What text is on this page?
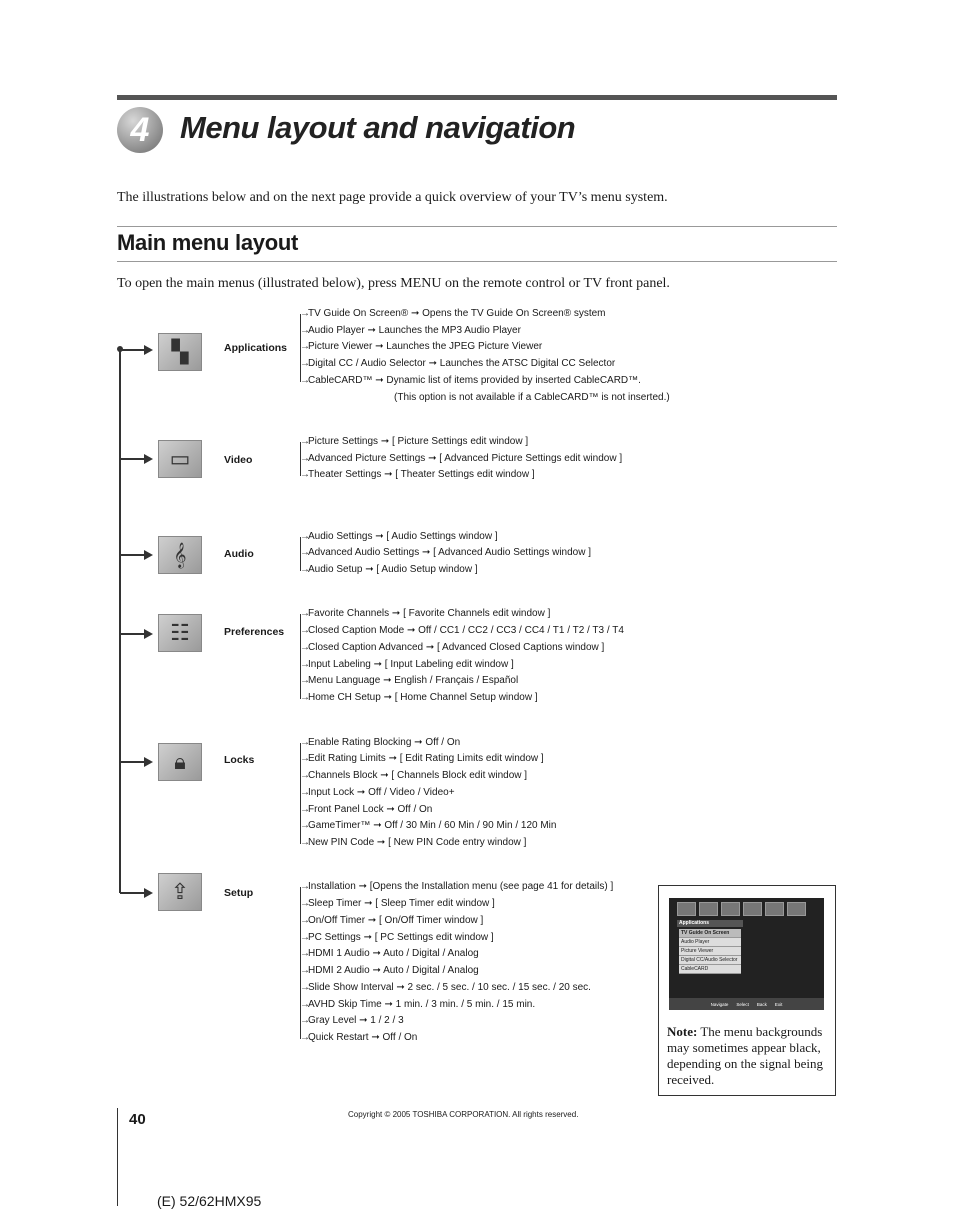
4 Menu layout and navigation
The illustrations below and on the next page provide a quick overview of your TV’s menu system.
Main menu layout
To open the main menus (illustrated below), press MENU on the remote control or TV front panel.
▚	Applications
→TV Guide On Screen® ➞ Opens the TV Guide On Screen® system
→Audio Player ➞ Launches the MP3 Audio Player
→Picture Viewer ➞ Launches the JPEG Picture Viewer
→Digital CC / Audio Selector ➞ Launches the ATSC Digital CC Selector
→CableCARD™ ➞ Dynamic list of items provided by inserted CableCARD™.
(This option is not available if a CableCARD™ is not inserted.)
▭	Video
→Picture Settings ➞ [ Picture Settings edit window ]
→Advanced Picture Settings ➞ [ Advanced Picture Settings edit window ]
→Theater Settings ➞ [ Theater Settings edit window ]
𝄞	Audio
→Audio Settings ➞ [ Audio Settings window ]
→Advanced Audio Settings ➞ [ Advanced Audio Settings window ]
→Audio Setup ➞ [ Audio Setup window ]
☷	Preferences
→Favorite Channels ➞ [ Favorite Channels edit window ]
→Closed Caption Mode ➞ Off / CC1 / CC2 / CC3 / CC4 / T1 / T2 / T3 / T4
→Closed Caption Advanced ➞ [ Advanced Closed Captions window ]
→Input Labeling ➞ [ Input Labeling edit window ]
→Menu Language ➞ English / Français / Español
→Home CH Setup ➞ [ Home Channel Setup window ]
🔒︎	Locks
→Enable Rating Blocking ➞ Off / On
→Edit Rating Limits ➞ [ Edit Rating Limits edit window ]
→Channels Block ➞ [ Channels Block edit window ]
→Input Lock ➞ Off / Video / Video+
→Front Panel Lock ➞ Off / On
→GameTimer™ ➞ Off / 30 Min / 60 Min / 90 Min / 120 Min
→New PIN Code ➞ [ New PIN Code entry window ]
⇪	Setup
→Installation ➞ [Opens the Installation menu (see page 41 for details) ]
→Sleep Timer ➞ [ Sleep Timer edit window ]
→On/Off Timer ➞ [ On/Off Timer window ]
→PC Settings ➞ [ PC Settings edit window ]
→HDMI 1 Audio ➞ Auto / Digital / Analog
→HDMI 2 Audio ➞ Auto / Digital / Analog
→Slide Show Interval ➞ 2 sec. / 5 sec. / 10 sec. / 15 sec. / 20 sec.
→AVHD Skip Time ➞ 1 min. / 3 min. / 5 min. / 15 min.
→Gray Level ➞ 1 / 2 / 3
→Quick Restart ➞ Off / On
Applications
TV Guide On Screen
Audio Player
Picture Viewer
Digital CC/Audio Selector
CableCARD
Navigate Select Back Exit
Note: The menu backgrounds may sometimes appear black, depending on the signal being received.
40	Copyright © 2005 TOSHIBA CORPORATION. All rights reserved.
(E) 52/62HMX95
